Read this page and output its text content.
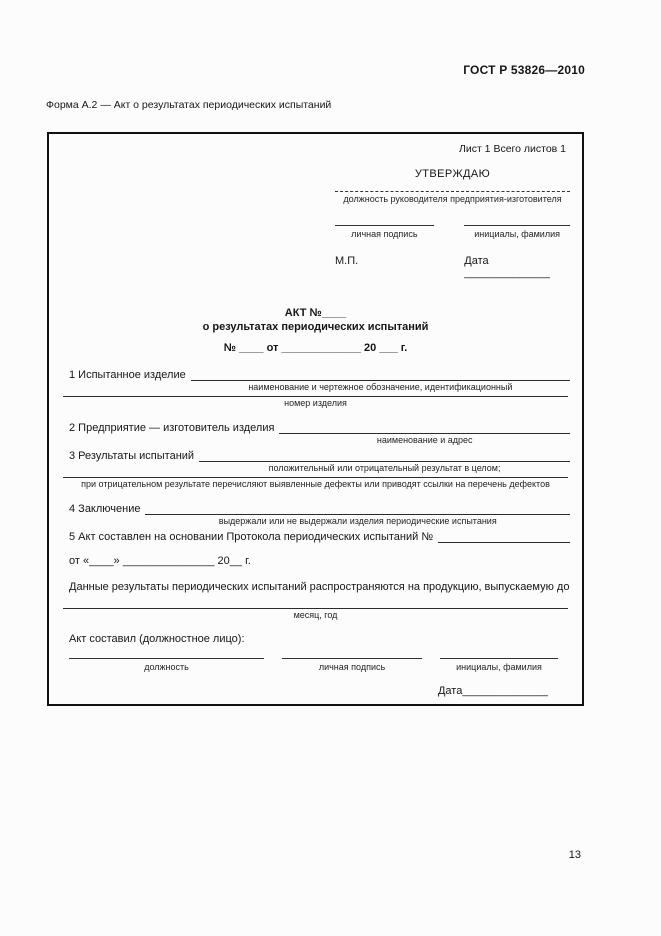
ГОСТ Р 53826—2010
Форма А.2 — Акт о результатах периодических испытаний
Лист 1 Всего листов 1
УТВЕРЖДАЮ
должность руководителя предприятия-изготовителя
личная подпись	инициалы, фамилия
М.П.	Дата ______________
АКТ №____
о результатах периодических испытаний
№ ____ от _____________ 20 ___ г.
1 Испытанное изделие
наименование и чертежное обозначение, идентификационный
номер изделия
2 Предприятие — изготовитель изделия
наименование и адрес
3 Результаты испытаний
положительный или отрицательный результат в целом;
при отрицательном результате перечисляют выявленные дефекты или приводят ссылки на перечень дефектов
4 Заключение
выдержали или не выдержали изделия периодические испытания
5 Акт составлен на основании Протокола периодических испытаний №
от «____» _______________ 20__ г.
Данные результаты периодических испытаний распространяются на продукцию, выпускаемую до
месяц, год
Акт составил (должностное лицо):
должность	личная подпись	инициалы, фамилия
Дата______________
13
